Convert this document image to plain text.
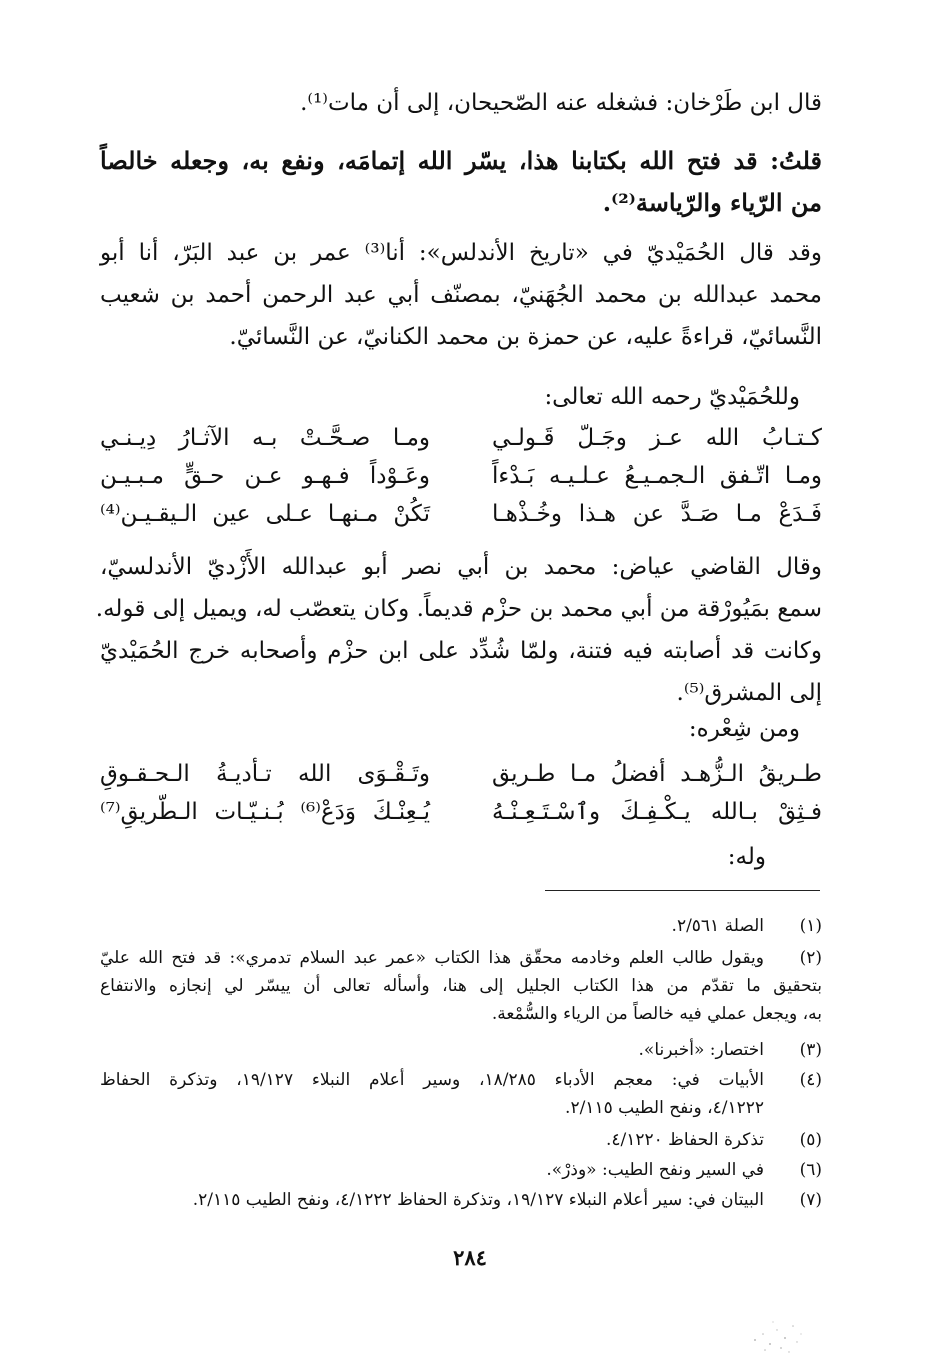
قال ابن طَرْخان: فشغله عنه الصّحيحان، إلى أن مات⁽¹⁾.
قلتُ: قد فتح الله بكتابنا هذا، يسّر الله إتمامَه، ونفع به، وجعله خالصاً
من الرّياء والرّياسة⁽²⁾.
وقد قال الحُمَيْديّ في «تاريخ الأندلس»: أنا⁽³⁾ عمر بن عبد البَرّ، أنا أبو
محمد عبدالله بن محمد الجُهَنيّ، بمصنّف أبي عبد الرحمن أحمد بن شعيب
النَّسائيّ، قراءةً عليه، عن حمزة بن محمد الكنانيّ، عن النَّسائيّ.
وللحُمَيْديّ رحمه الله تعالى:
كـتـابُ الله عـز وجَـلّ قَـولـي
ومـا صـحَّـتْ بـه الآثـارُ دِيـنـي
ومـا اتّـفق الـجمـيـعُ عـلـيـه بَـدْءاً
وعَـوْداً فـهـو عـن حـقٍّ مـبـيـن
فَـدَعْ مـا صَـدَّ عن هـذا وخُـذْهـا
تَكُنْ مـنهـا عـلى عين الـيقـيـن⁽⁴⁾
وقال القاضي عياض: محمد بن أبي نصر أبو عبدالله الأَزْديّ الأندلسيّ،
سمع بمَيُورْقة من أبي محمد بن حزْم قديماً. وكان يتعصّب له، ويميل إلى قوله.
وكانت قد أصابته فيه فتنة، ولمّا شُدِّد على ابن حزْم وأصحابه خرج الحُمَيْديّ
إلى المشرق⁽⁵⁾.
ومن شِعْره:
طـريقُ الـزُّهـد أفضلُ مـا طـريق
وتَـقْـوَى الله تـأديـةُ الـحـقـوقِ
فـثِقْ بـالله يـكْـفِـكَ وٱسْـتَـعِـنْـهُ
يُـعِنْـكَ وَدَعْ⁽⁶⁾ بُـنـيّـات الـطّريقِ⁽⁷⁾
وله:
(١)
الصلة ٢/٥٦١.
(٢)
ويقول طالب العلم وخادمه محقّق هذا الكتاب «عمر عبد السلام تدمري»: قد فتح الله عليّ
بتحقيق ما تقدّم من هذا الكتاب الجليل إلى هنا، وأسأله تعالى أن ييسّر لي إنجازه والانتفاع
به، ويجعل عملي فيه خالصاً من الرياء والسُّمْعة.
(٣)
اختصار: «أخبرنا».
(٤)
الأبيات في: معجم الأدباء ١٨/٢٨٥، وسير أعلام النبلاء ١٩/١٢٧، وتذكرة الحفاظ
٤/١٢٢٢، ونفح الطيب ٢/١١٥.
(٥)
تذكرة الحفاظ ٤/١٢٢٠.
(٦)
في السير ونفح الطيب: «وذرْ».
(٧)
البيتان في: سير أعلام النبلاء ١٩/١٢٧، وتذكرة الحفاظ ٤/١٢٢٢، ونفح الطيب ٢/١١٥.
٢٨٤
